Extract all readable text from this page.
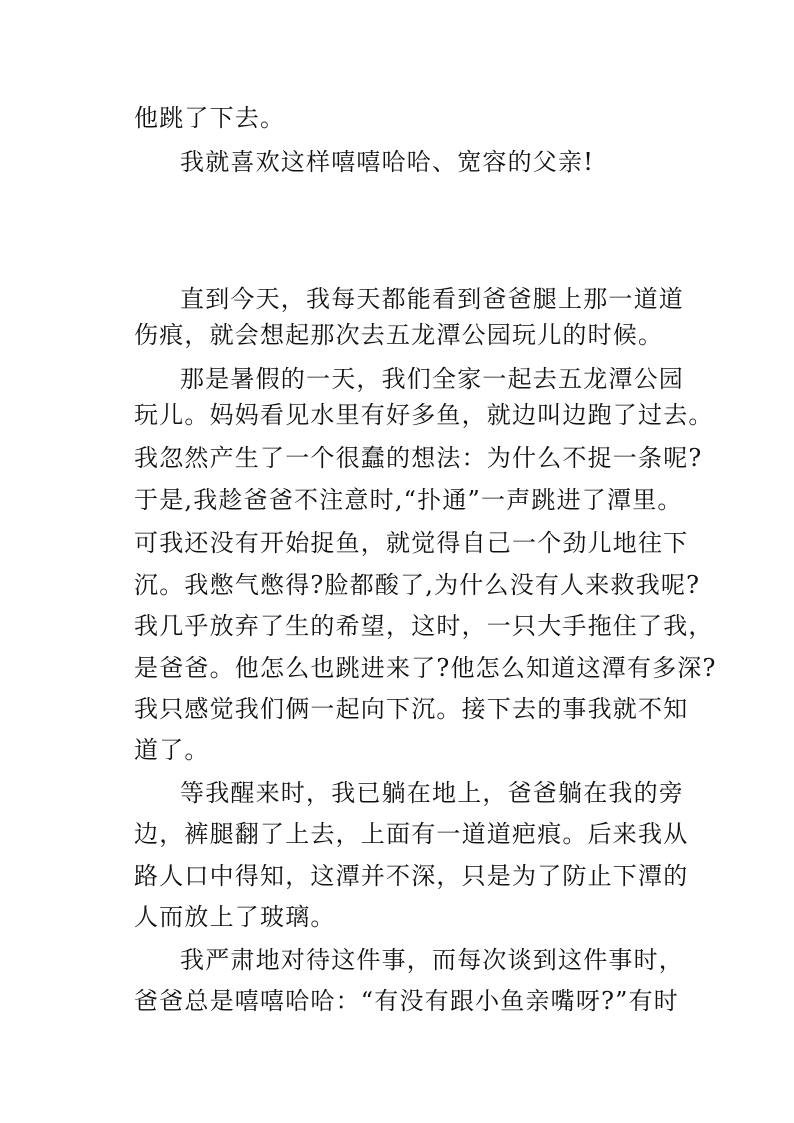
他跳了下去。
我就喜欢这样嘻嘻哈哈、宽容的父亲!
直到今天，我每天都能看到爸爸腿上那一道道
伤痕，就会想起那次去五龙潭公园玩儿的时候。
那是暑假的一天，我们全家一起去五龙潭公园
玩儿。妈妈看见水里有好多鱼，就边叫边跑了过去。
我忽然产生了一个很蠢的想法：为什么不捉一条呢?
于是,我趁爸爸不注意时,“扑通”一声跳进了潭里。
可我还没有开始捉鱼，就觉得自己一个劲儿地往下
沉。我憋气憋得?脸都酸了,为什么没有人来救我呢?
我几乎放弃了生的希望，这时，一只大手拖住了我，
是爸爸。他怎么也跳进来了?他怎么知道这潭有多深?
我只感觉我们俩一起向下沉。接下去的事我就不知
道了。
等我醒来时，我已躺在地上，爸爸躺在我的旁
边，裤腿翻了上去，上面有一道道疤痕。后来我从
路人口中得知，这潭并不深，只是为了防止下潭的
人而放上了玻璃。
我严肃地对待这件事，而每次谈到这件事时，
爸爸总是嘻嘻哈哈：“有没有跟小鱼亲嘴呀?”有时
